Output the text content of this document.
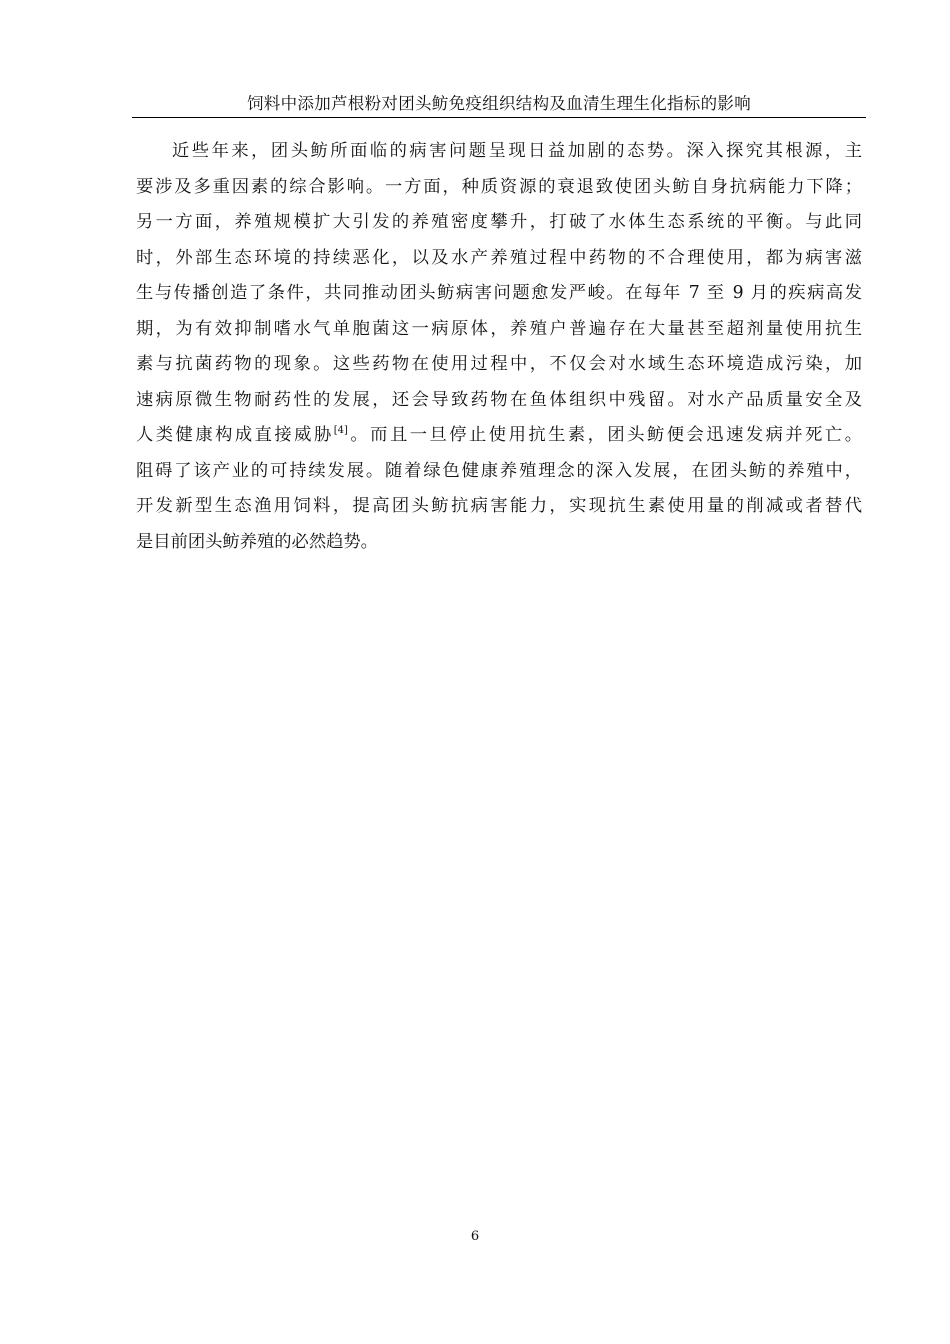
饲料中添加芦根粉对团头鲂免疫组织结构及血清生理生化指标的影响
近些年来，团头鲂所面临的病害问题呈现日益加剧的态势。深入探究其根源，主
要涉及多重因素的综合影响。一方面，种质资源的衰退致使团头鲂自身抗病能力下降；
另一方面，养殖规模扩大引发的养殖密度攀升，打破了水体生态系统的平衡。与此同
时，外部生态环境的持续恶化，以及水产养殖过程中药物的不合理使用，都为病害滋
生与传播创造了条件，共同推动团头鲂病害问题愈发严峻。在每年 7 至 9 月的疾病高发
期，为有效抑制嗜水气单胞菌这一病原体，养殖户普遍存在大量甚至超剂量使用抗生
素与抗菌药物的现象。这些药物在使用过程中，不仅会对水域生态环境造成污染，加
速病原微生物耐药性的发展，还会导致药物在鱼体组织中残留。对水产品质量安全及
人类健康构成直接威胁[4]。而且一旦停止使用抗生素，团头鲂便会迅速发病并死亡。
阻碍了该产业的可持续发展。随着绿色健康养殖理念的深入发展，在团头鲂的养殖中，
开发新型生态渔用饲料，提高团头鲂抗病害能力，实现抗生素使用量的削减或者替代
是目前团头鲂养殖的必然趋势。
6
